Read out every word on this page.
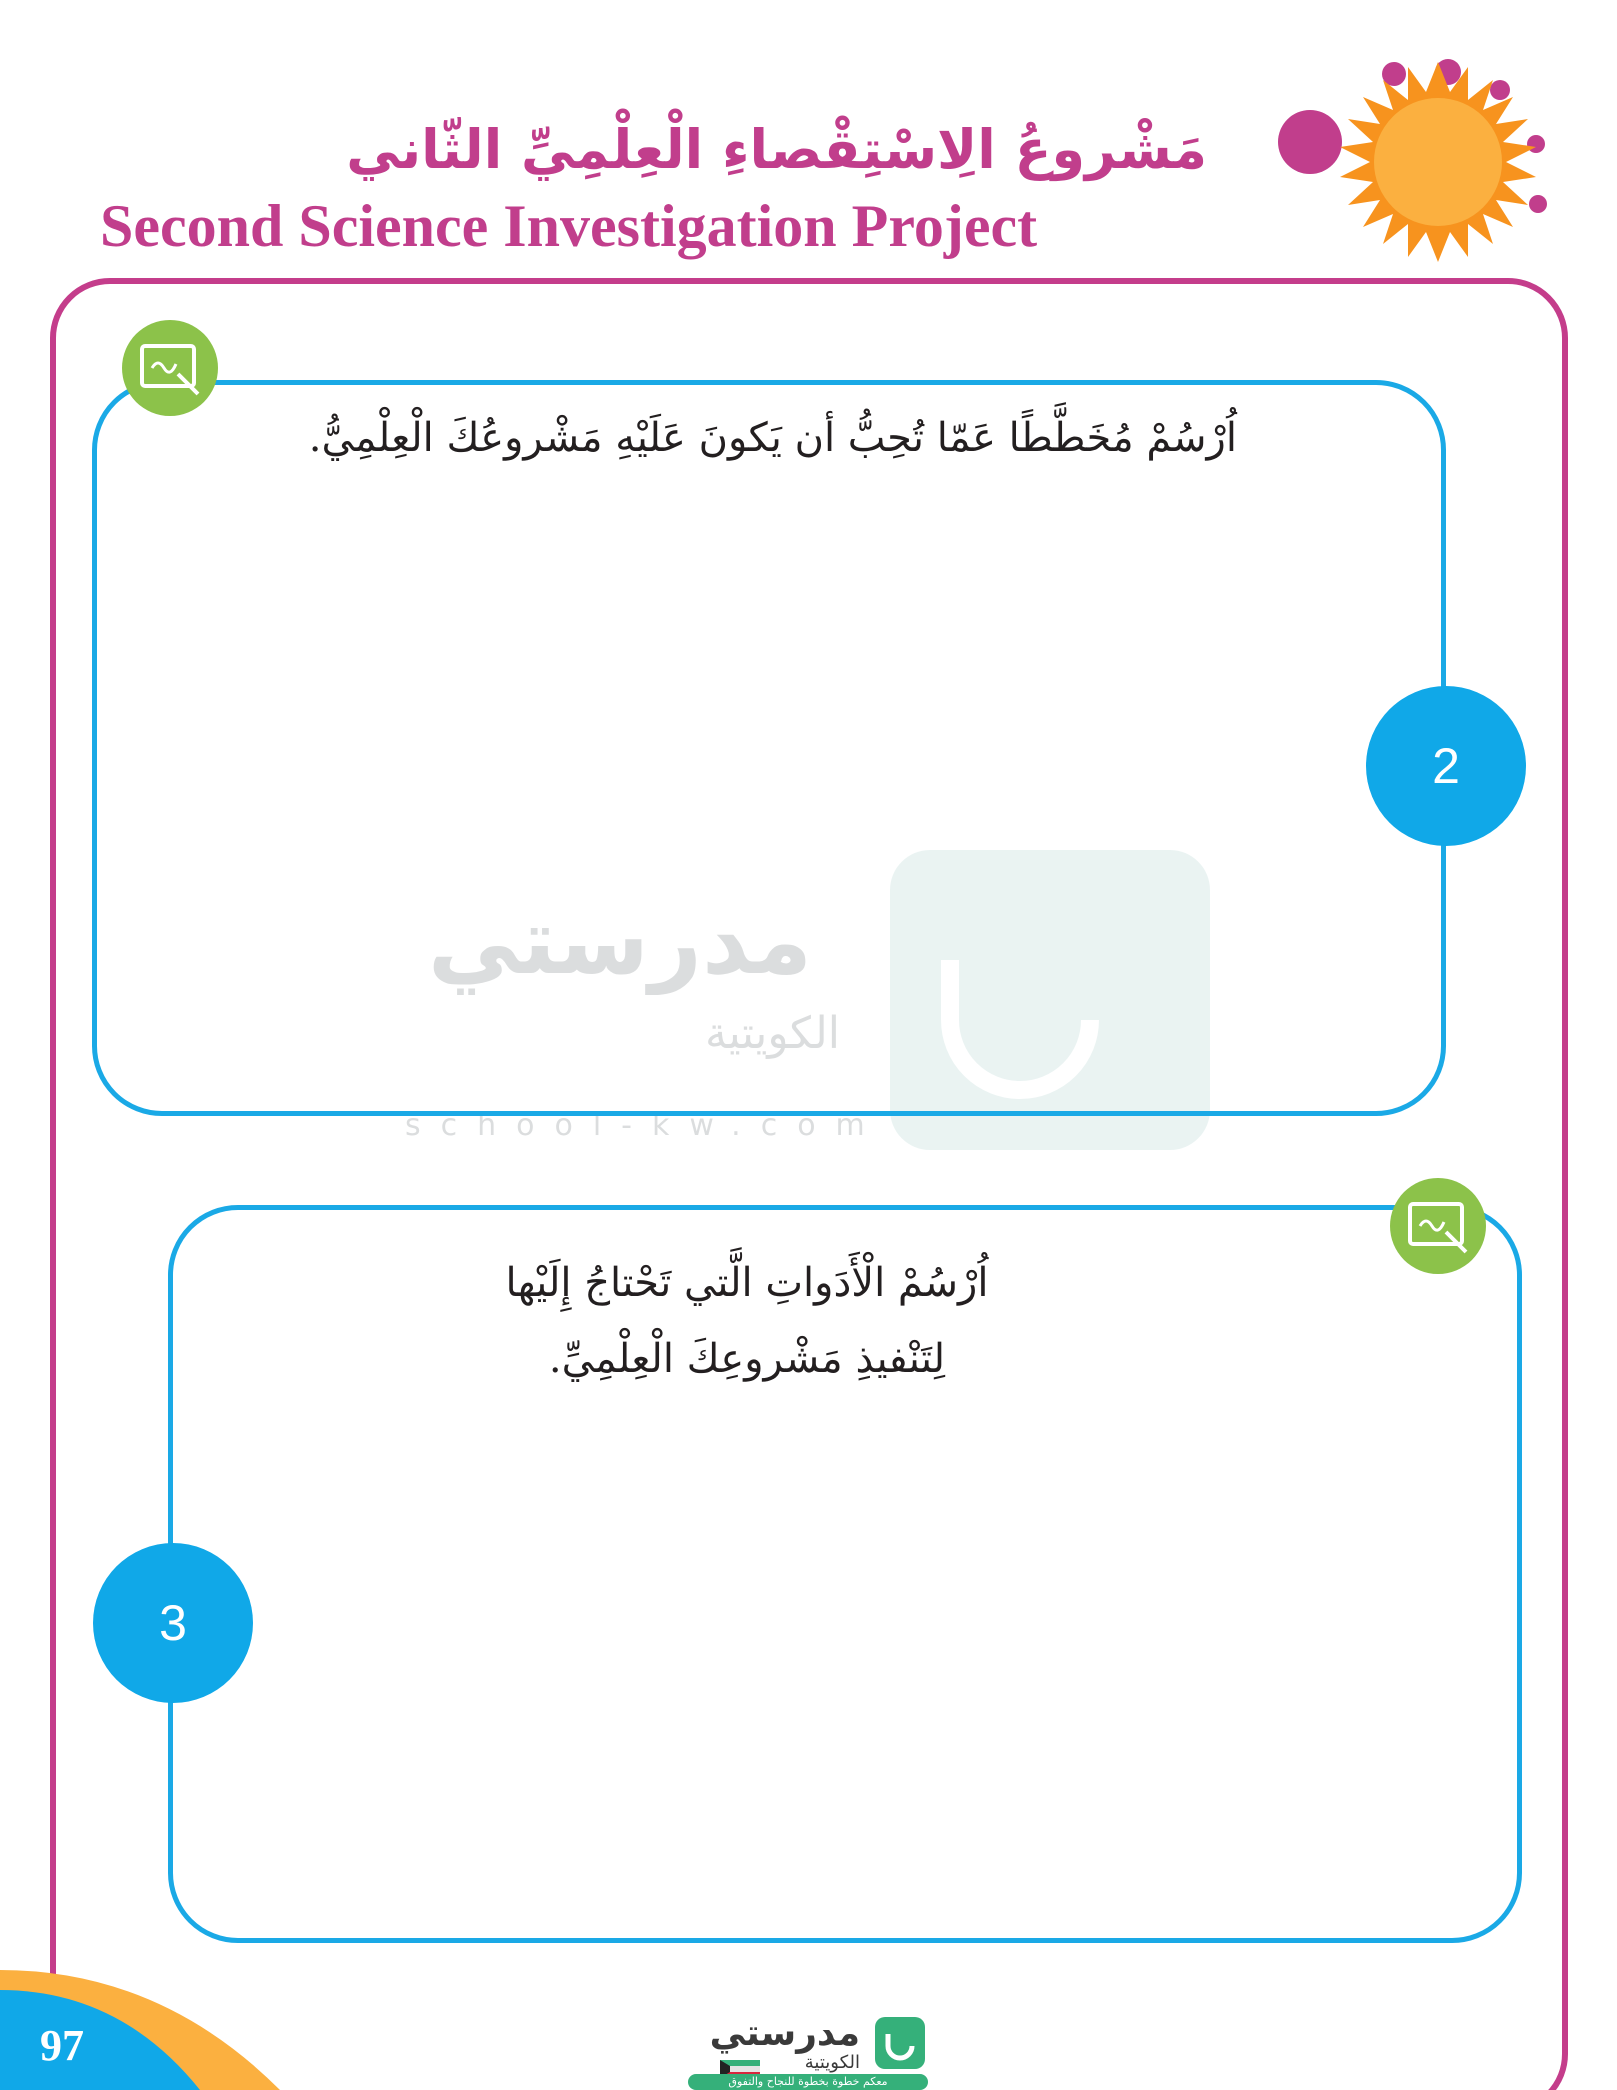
مَشْروعُ الِاسْتِقْصاءِ الْعِلْمِيِّ الثّاني
Second Science Investigation Project
مدرستي
الكويتية
school-kw.com
اُرْسُمْ مُخَطَّطًا عَمّا تُحِبُّ أن يَكونَ عَلَيْهِ مَشْروعُكَ الْعِلْمِيُّ.
2
اُرْسُمْ الْأَدَواتِ الَّتي تَحْتاجُ إِلَيْها
لِتَنْفيذِ مَشْروعِكَ الْعِلْمِيِّ.
3
97	مدرستي
الكويتية
معكم خطوة بخطوة للنجاح والتفوق
